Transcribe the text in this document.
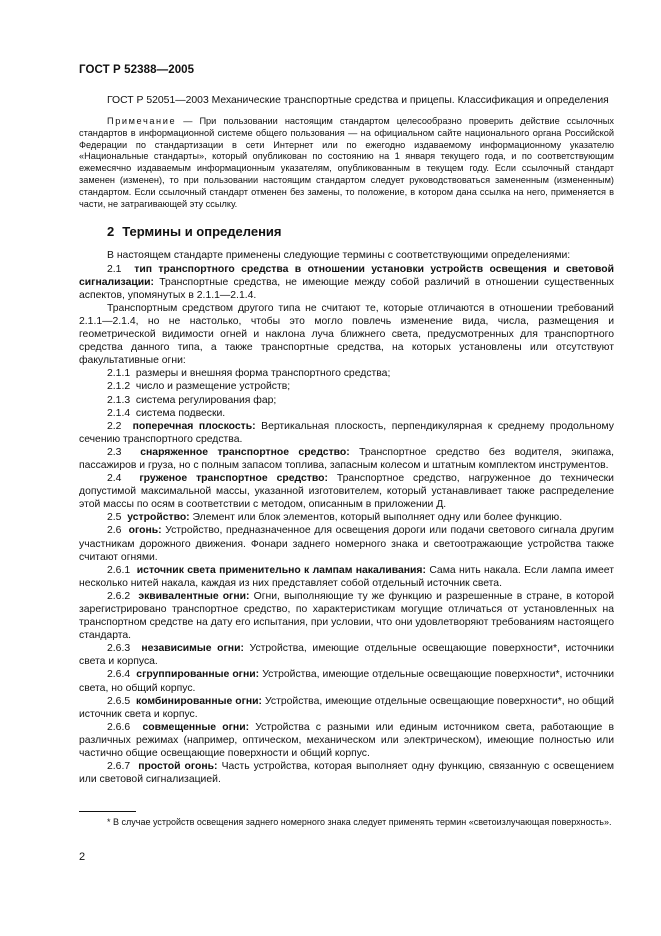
ГОСТ Р 52388—2005

ГОСТ Р 52051—2003 Механические транспортные средства и прицепы. Классификация и определения

Примечание — При пользовании настоящим стандартом целесообразно проверить действие ссылочных стандартов в информационной системе общего пользования — на официальном сайте национального органа Российской Федерации по стандартизации в сети Интернет или по ежегодно издаваемому информационному указателю «Национальные стандарты», который опубликован по состоянию на 1 января текущего года, и по соответствующим ежемесячно издаваемым информационным указателям, опубликованным в текущем году. Если ссылочный стандарт заменен (изменен), то при пользовании настоящим стандартом следует руководствоваться замененным (измененным) стандартом. Если ссылочный стандарт отменен без замены, то положение, в котором дана ссылка на него, применяется в части, не затрагивающей эту ссылку.

2 Термины и определения

В настоящем стандарте применены следующие термины с соответствующими определениями:

2.1 тип транспортного средства в отношении установки устройств освещения и световой сигнализации: Транспортные средства, не имеющие между собой различий в отношении существенных аспектов, упомянутых в 2.1.1—2.1.4.

Транспортным средством другого типа не считают те, которые отличаются в отношении требований 2.1.1—2.1.4, но не настолько, чтобы это могло повлечь изменение вида, числа, размещения и геометрической видимости огней и наклона луча ближнего света, предусмотренных для транспортного средства данного типа, а также транспортные средства, на которых установлены или отсутствуют факультативные огни:

2.1.1 размеры и внешняя форма транспортного средства;

2.1.2 число и размещение устройств;

2.1.3 система регулирования фар;

2.1.4 система подвески.

2.2 поперечная плоскость: Вертикальная плоскость, перпендикулярная к среднему продольному сечению транспортного средства.

2.3 снаряженное транспортное средство: Транспортное средство без водителя, экипажа, пассажиров и груза, но с полным запасом топлива, запасным колесом и штатным комплектом инструментов.

2.4 груженое транспортное средство: Транспортное средство, нагруженное до технически допустимой максимальной массы, указанной изготовителем, который устанавливает также распределение этой массы по осям в соответствии с методом, описанным в приложении Д.

2.5 устройство: Элемент или блок элементов, который выполняет одну или более функцию.

2.6 огонь: Устройство, предназначенное для освещения дороги или подачи светового сигнала другим участникам дорожного движения. Фонари заднего номерного знака и светоотражающие устройства также считают огнями.

2.6.1 источник света применительно к лампам накаливания: Сама нить накала. Если лампа имеет несколько нитей накала, каждая из них представляет собой отдельный источник света.

2.6.2 эквивалентные огни: Огни, выполняющие ту же функцию и разрешенные в стране, в которой зарегистрировано транспортное средство, по характеристикам могущие отличаться от установленных на транспортном средстве на дату его испытания, при условии, что они удовлетворяют требованиям настоящего стандарта.

2.6.3 независимые огни: Устройства, имеющие отдельные освещающие поверхности*, источники света и корпуса.

2.6.4 сгруппированные огни: Устройства, имеющие отдельные освещающие поверхности*, источники света, но общий корпус.

2.6.5 комбинированные огни: Устройства, имеющие отдельные освещающие поверхности*, но общий источник света и корпус.

2.6.6 совмещенные огни: Устройства с разными или единым источником света, работающие в различных режимах (например, оптическом, механическом или электрическом), имеющие полностью или частично общие освещающие поверхности и общий корпус.

2.6.7 простой огонь: Часть устройства, которая выполняет одну функцию, связанную с освещением или световой сигнализацией.

* В случае устройств освещения заднего номерного знака следует применять термин «светоизлучающая поверхность».

2
